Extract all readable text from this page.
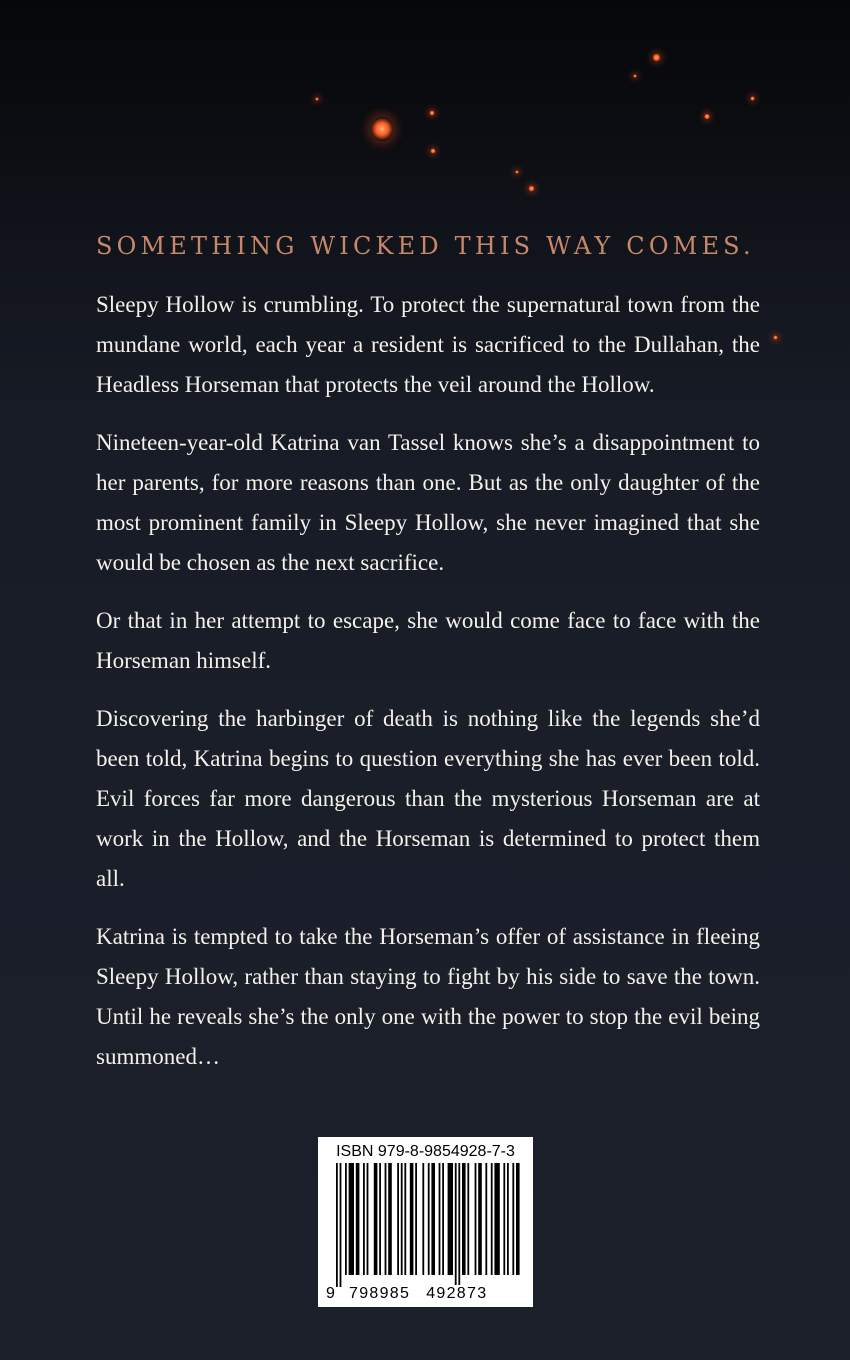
SOMETHING WICKED THIS WAY COMES.

Sleepy Hollow is crumbling. To protect the supernatural town from the mundane world, each year a resident is sacrificed to the Dullahan, the Headless Horseman that protects the veil around the Hollow.

Nineteen-year-old Katrina van Tassel knows she’s a disappointment to her parents, for more reasons than one. But as the only daughter of the most prominent family in Sleepy Hollow, she never imagined that she would be chosen as the next sacrifice.

Or that in her attempt to escape, she would come face to face with the Horseman himself.

Discovering the harbinger of death is nothing like the legends she’d been told, Katrina begins to question everything she has ever been told. Evil forces far more dangerous than the mysterious Horseman are at work in the Hollow, and the Horseman is determined to protect them all.

Katrina is tempted to take the Horseman’s offer of assistance in fleeing Sleepy Hollow, rather than staying to fight by his side to save the town. Until he reveals she’s the only one with the power to stop the evil being summoned…

ISBN 979-8-9854928-7-3
9 798985 492873
